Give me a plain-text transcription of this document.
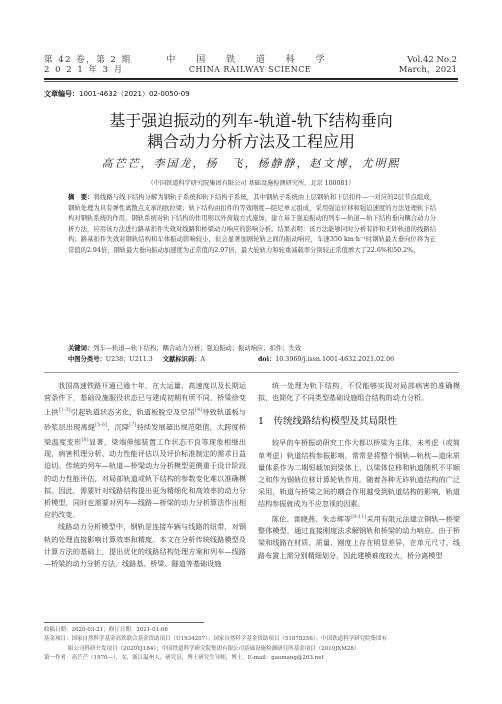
第 42 卷，第 2 期
2 0 2 1 年 3 月
中 国 铁 道 科 学
CHINA RAILWAY SCIENCE
Vol.42 No.2
March，2021
文章编号：1001-4632（2021）02-0050-09
基于强迫振动的列车-轨道-轨下结构垂向
耦合动力分析方法及工程应用
高芒芒，李国龙，杨　飞，杨静静，赵文博，尤明熙
（中国铁道科学研究院集团有限公司 基础设施检测研究所，北京 100081）
摘　要：将线路与线下结构分解为钢轨子系统和轨下结构子系统，其中钢轨子系统由上层钢轨和下层扣件—一对应的2层节点组成，钢轨处理为具有弹性离散点支承的欧拉梁；轨下结构由扣件的等效刚度—阻尼单元组成，采用强迫位移和强迫速度的方法处理轨下结构对钢轨系统的作用，钢轨系统对轨下结构的作用则以外荷载方式施加，建立基于强迫振动的列车—轨道—轨下结构垂向耦合动力分析方法，应用该方法进行路基扣件失效对线路和桥梁动力响应的影响分析。结果表明：该方法能够同时分析有砟和无砟轨道的线路结构；路基扣件失效对钢轨结构和车体振动影响较小，但会显著加剧轮轨之间的振动响应，车速350 km·h⁻¹时钢轨最大垂向位移为正常值的2.94倍，钢轨最大垂向振动加速度为正常值的2.97倍，最大轮轨力和轮重减载率分别较正常值增大了22.6%和50.2%。
关键词：列车—轨道—轨下结构；耦合动力分析；强迫振动；振动响应；扣件；失效
中图分类号：U238；U211.3 文献标识码：A	doi：10.3969/j.issn.1001-4632.2021.02.06

我国高速铁路开通已逾十年，在大运量、高速度以及长期运营条件下，基础设施服役状态已与建成初期有所不同，桥梁徐变上拱[1-3]引起轨道状态劣化，轨道板脱空及空吊[4]导致轨道板与砂浆层出现离缝[5-6]，沉降[7]持续发展超出规范限值，大跨度桥梁温度变形[8]显著，梁端伸缩装置工作状态不良等现象相继出现，病害机理分析、动力性能评估以及评价标准制定的需求日益迫切。传统的列车—轨道—桥梁动力分析模型更侧重于设计阶段的动力性能评估，对局部轨道或轨下结构的参数变化难以准确模拟。因此，需要针对线路结构提出更为精细化和高效率的动力分析模型，同时也需要对列车—线路—桥梁的动力分析算法作出相应的改变。

线路动力分析模型中，钢轨是连接车辆与线路的纽带，对钢轨的处理直接影响计算效率和精度。本文在分析传统线路模型及计算方法的基础上，提出优化的线路结构处理方案和列车—线路—桥梁的动力分析方法，线路基、桥梁、隧道等基础设施

统一处理为轨下结构，不仅能够实现对局部病害的准确模拟，也简化了不同类型基础设施组合结构的动力分析。

1　传统线路结构模型及其局限性

较早的车桥振动研究工作大都以桥梁为主体，未考虑（或简单考虑）轨道结构参振影响，常常是将整个钢轨—轨枕—道床质量体系作为二期恒载加到梁体上，以梁体位移和轨道随机不平顺之和作为钢轨位移计算轮轨作用。随着各种无砟轨道结构的广泛采用，轨道与桥梁之间的耦合作用越受到轨道结构的影响，轨道结构参振就成为不应忽视的因素。

陈伦、雷晓燕、朱志辉等[9-11]采用有限元法建立钢轨—桥梁整体模型，通过直接刚度法求解钢轨和桥梁的动力响应。由于桥梁和线路在材质、质量、刚度上存在明显差异，在单元尺寸、线路布置上需分别精细划分，因此建模难度较大，桥分离模型

收稿日期：2020-03-21；修订日期：2021-01-06
基金项目：国家自然科学基金高铁联合基金资助项目（U1934207）；国家自然科学基金资助项目（51878256）；中国铁道科学研究院集团有
限公司科研开发项目（2020YJ184）；中国铁道科学研究院集团有限公司基础设施检测研究所基金项目（2019JXM28）
第一作者：高芒芒（1970—），女，浙江温州人，研究员，博士研究生导师，博士。E-mail：gaomang@263.net
